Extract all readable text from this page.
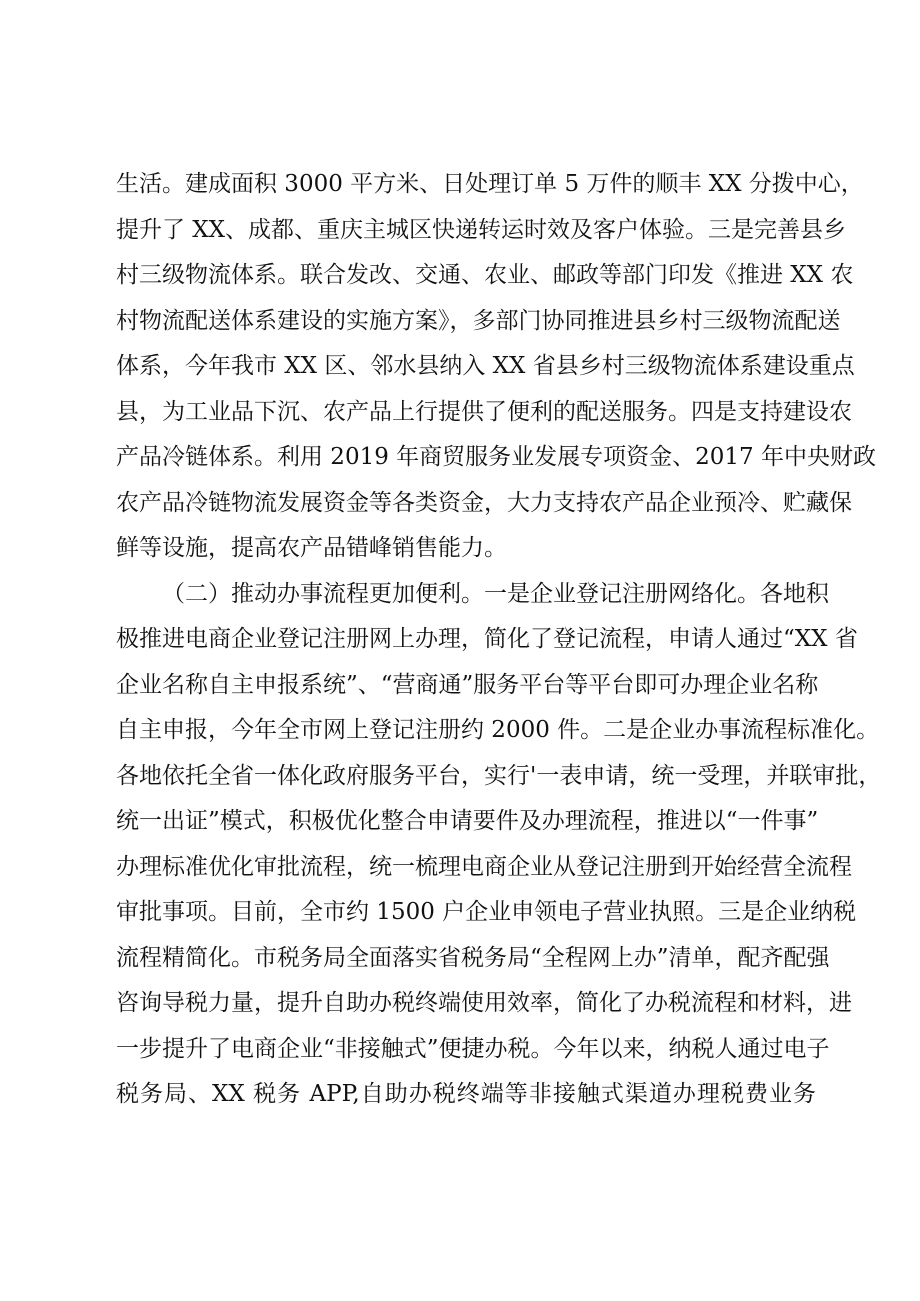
生活。建成面积 3000 平方米、日处理订单 5 万件的顺丰 XX 分拨中心，
提升了 XX、成都、重庆主城区快递转运时效及客户体验。三是完善县乡
村三级物流体系。联合发改、交通、农业、邮政等部门印发《推进 XX 农
村物流配送体系建设的实施方案》，多部门协同推进县乡村三级物流配送
体系，今年我市 XX 区、邻水县纳入 XX 省县乡村三级物流体系建设重点
县，为工业品下沉、农产品上行提供了便利的配送服务。四是支持建设农
产品冷链体系。利用 2019 年商贸服务业发展专项资金、2017 年中央财政
农产品冷链物流发展资金等各类资金，大力支持农产品企业预冷、贮藏保
鲜等设施，提高农产品错峰销售能力。
（二）推动办事流程更加便利。一是企业登记注册网络化。各地积
极推进电商企业登记注册网上办理，简化了登记流程，申请人通过“XX 省
企业名称自主申报系统”、“营商通”服务平台等平台即可办理企业名称
自主申报，今年全市网上登记注册约 2000 件。二是企业办事流程标准化。
各地依托全省一体化政府服务平台，实行'一表申请，统一受理，并联审批，
统一出证”模式，积极优化整合申请要件及办理流程，推进以“一件事”
办理标准优化审批流程，统一梳理电商企业从登记注册到开始经营全流程
审批事项。目前，全市约 1500 户企业申领电子营业执照。三是企业纳税
流程精简化。市税务局全面落实省税务局“全程网上办”清单，配齐配强
咨询导税力量，提升自助办税终端使用效率，简化了办税流程和材料，进
一步提升了电商企业“非接触式”便捷办税。今年以来，纳税人通过电子
税务局、XX 税务 APP,自助办税终端等非接触式渠道办理税费业务
